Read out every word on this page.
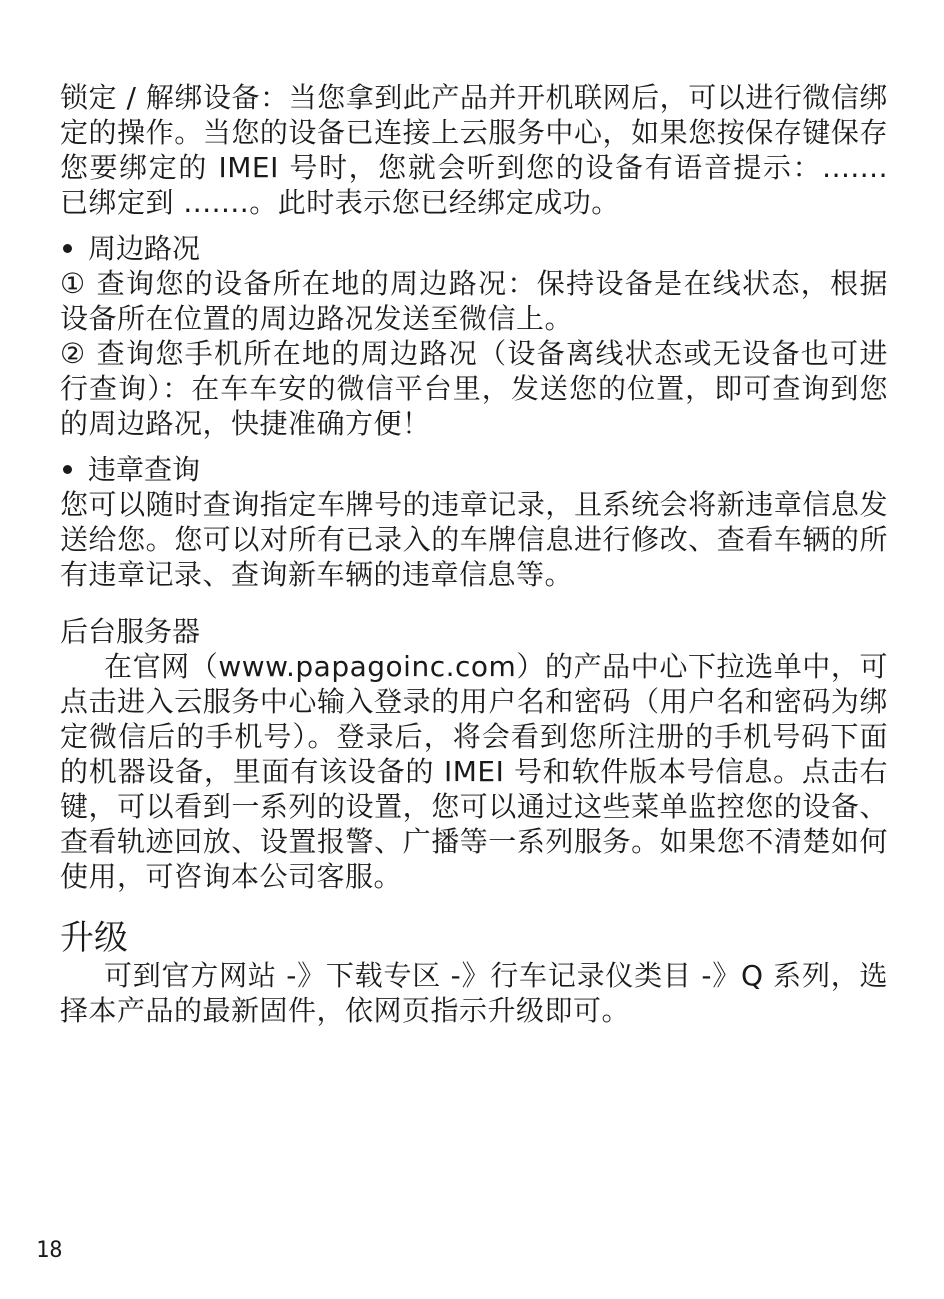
锁定 / 解绑设备：当您拿到此产品并开机联网后，可以进行微信绑定的操作。当您的设备已连接上云服务中心，如果您按保存键保存您要绑定的 IMEI 号时，您就会听到您的设备有语音提示：....... 已绑定到 .......。此时表示您已经绑定成功。

周边路况

① 查询您的设备所在地的周边路况：保持设备是在线状态，根据设备所在位置的周边路况发送至微信上。

② 查询您手机所在地的周边路况（设备离线状态或无设备也可进行查询）：在车车安的微信平台里，发送您的位置，即可查询到您的周边路况，快捷准确方便！

违章查询

您可以随时查询指定车牌号的违章记录，且系统会将新违章信息发送给您。您可以对所有已录入的车牌信息进行修改、查看车辆的所有违章记录、查询新车辆的违章信息等。

后台服务器

在官网（www.papagoinc.com）的产品中心下拉选单中，可点击进入云服务中心输入登录的用户名和密码（用户名和密码为绑定微信后的手机号）。登录后，将会看到您所注册的手机号码下面的机器设备，里面有该设备的 IMEI 号和软件版本号信息。点击右键，可以看到一系列的设置，您可以通过这些菜单监控您的设备、查看轨迹回放、设置报警、广播等一系列服务。如果您不清楚如何使用，可咨询本公司客服。

升级

可到官方网站 -》下载专区 -》行车记录仪类目 -》Q 系列，选择本产品的最新固件，依网页指示升级即可。

18
